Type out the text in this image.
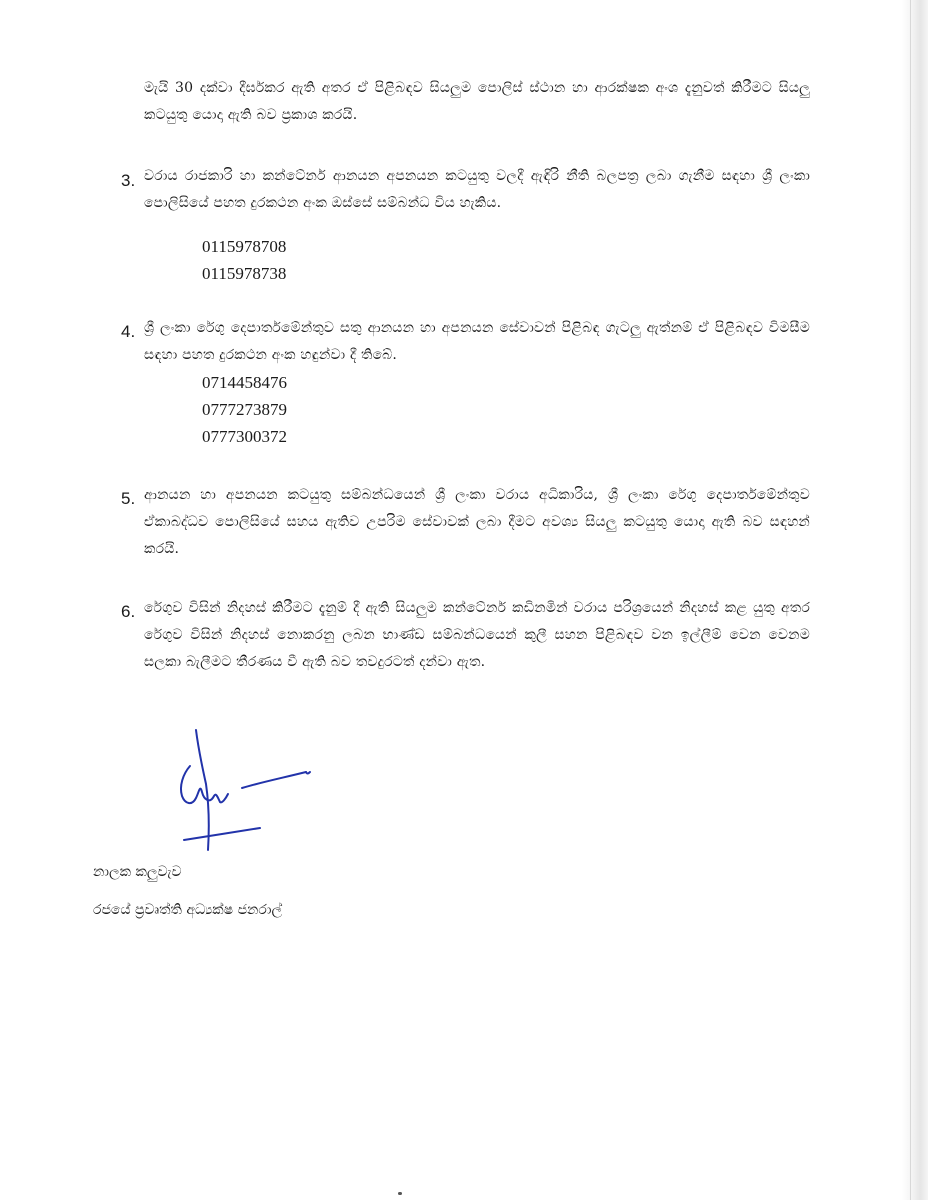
මැයි 30 දක්වා දීර්ඝකර ඇති අතර ඒ පිළිබඳව සියලුම පොලිස් ස්ථාන හා ආරක්ෂක අංශ දැනුවත් කිරීමට සියලු කටයුතු යොදා ඇති බව ප්‍රකාශ කරයි.
3. වරාය රාජකාරි හා කන්ටේනර් ආනයන අපනයන කටයුතු වලදී ඇඳිරි නීති බලපත්‍ර ලබා ගැනීම සඳහා ශ්‍රී ලංකා පොලිසියේ පහත දුරකථන අංක ඔස්සේ සම්බන්ධ විය හැකිය.
0115978708
0115978738
4. ශ්‍රී ලංකා රේගු දෙපාර්තමේන්තුව සතු ආනයන හා අපනයන සේවාවන් පිළිබඳ ගැටලු ඇත්නම් ඒ පිළිබඳව විමසීම සඳහා පහත දුරකථන අංක හඳුන්වා දී තිබේ.
0714458476
0777273879
0777300372
5. ආනයන හා අපනයන කටයුතු සම්බන්ධයෙන් ශ්‍රී ලංකා වරාය අධිකාරිය, ශ්‍රී ලංකා රේගු දෙපාර්තමේන්තුව ඒකාබද්ධව පොලිසියේ සහය ඇතිව උපරිම සේවාවක් ලබා දීමට අවශ්‍ය සියලු කටයුතු යොදා ඇති බව සඳහන් කරයි.
6. රේගුව විසින් නිදහස් කිරීමට දැනුම් දී ඇති සියලුම කන්ටේනර් කඩිනමින් වරාය පරිශ්‍රයෙන් නිදහස් කළ යුතු අතර රේගුව විසින් නිදහස් නොකරනු ලබන භාණ්ඩ සම්බන්ධයෙන් කුලී සහන පිළිබඳව වන ඉල්ලීම් වෙන වෙනම සලකා බැලීමට තීරණය වී ඇති බව තවදුරටත් දන්වා ඇත.
නාලක කලුවැව
රජයේ ප්‍රවෘත්ති අධ්‍යක්ෂ ජනරාල්
